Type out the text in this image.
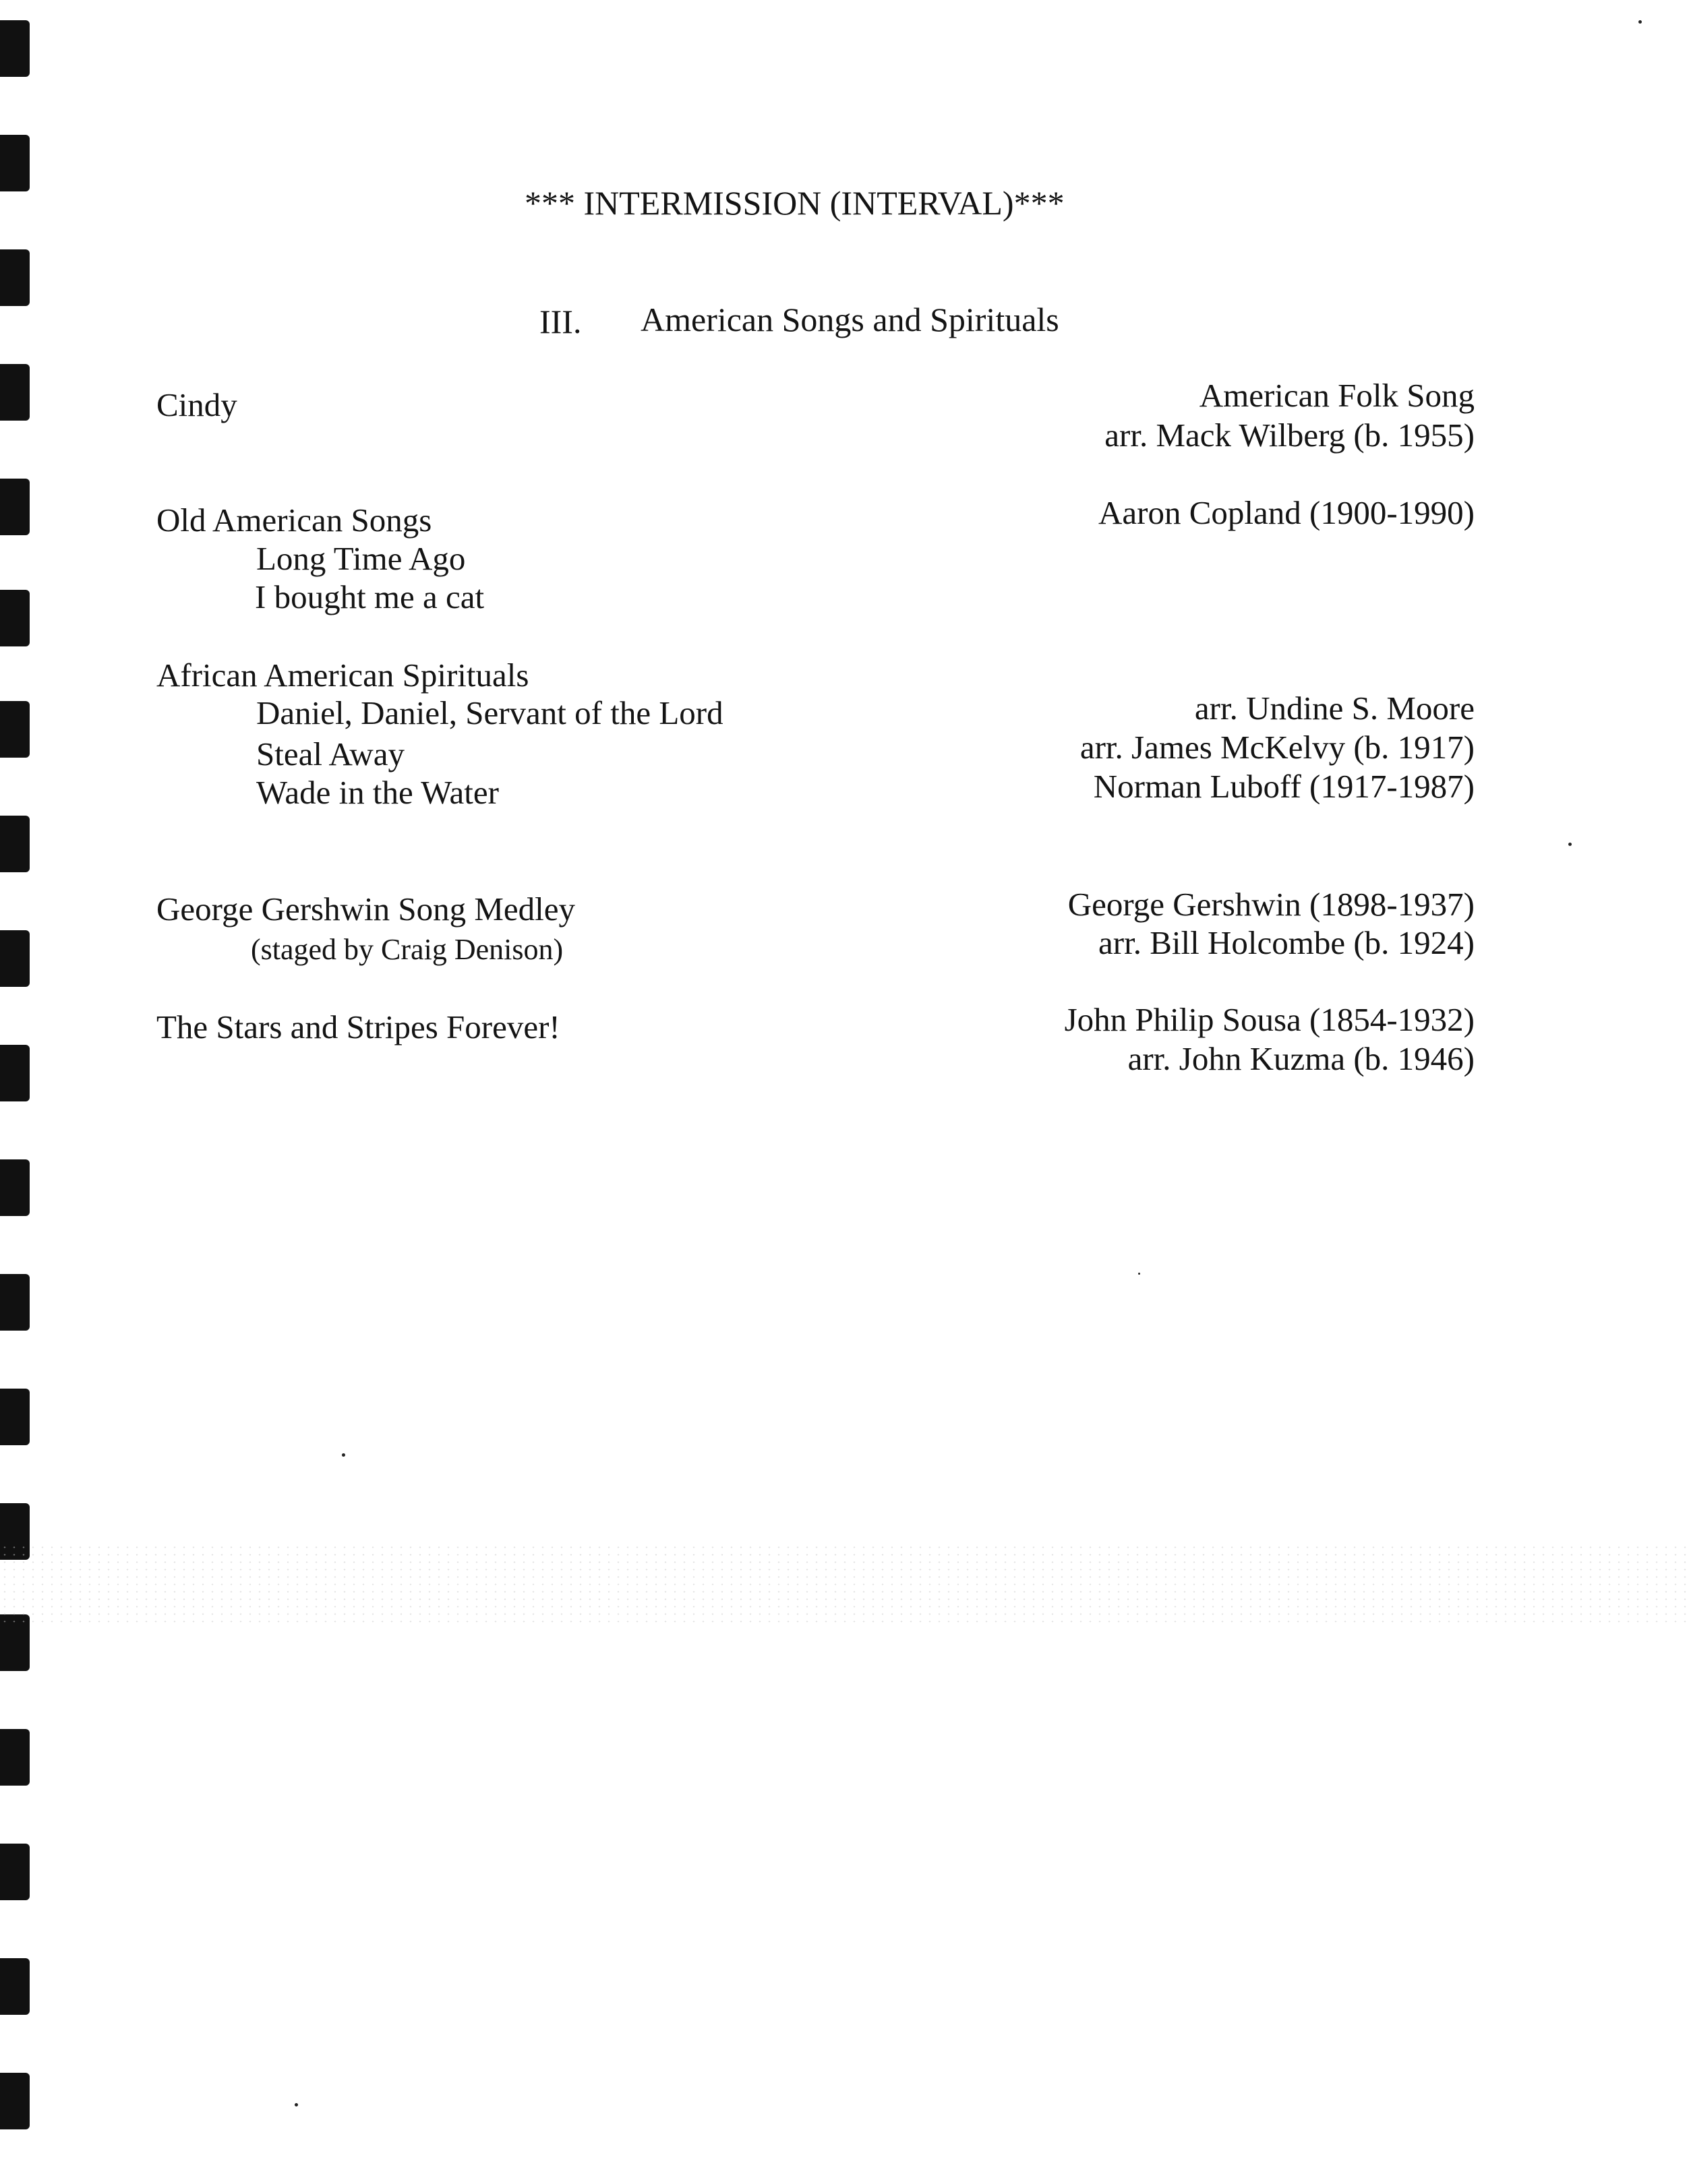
*** INTERMISSION (INTERVAL)***
III. American Songs and Spirituals
Cindy	American Folk Song
arr. Mack Wilberg (b. 1955)
Old American Songs
Long Time Ago
I bought me a cat
Aaron Copland (1900-1990)
African American Spirituals
Daniel, Daniel, Servant of the Lord
Steal Away
Wade in the Water
arr. Undine S. Moore
arr. James McKelvy (b. 1917)
Norman Luboff (1917-1987)
George Gershwin Song Medley
(staged by Craig Denison)
George Gershwin (1898-1937)
arr. Bill Holcombe (b. 1924)
The Stars and Stripes Forever!	John Philip Sousa (1854-1932)
arr. John Kuzma (b. 1946)
